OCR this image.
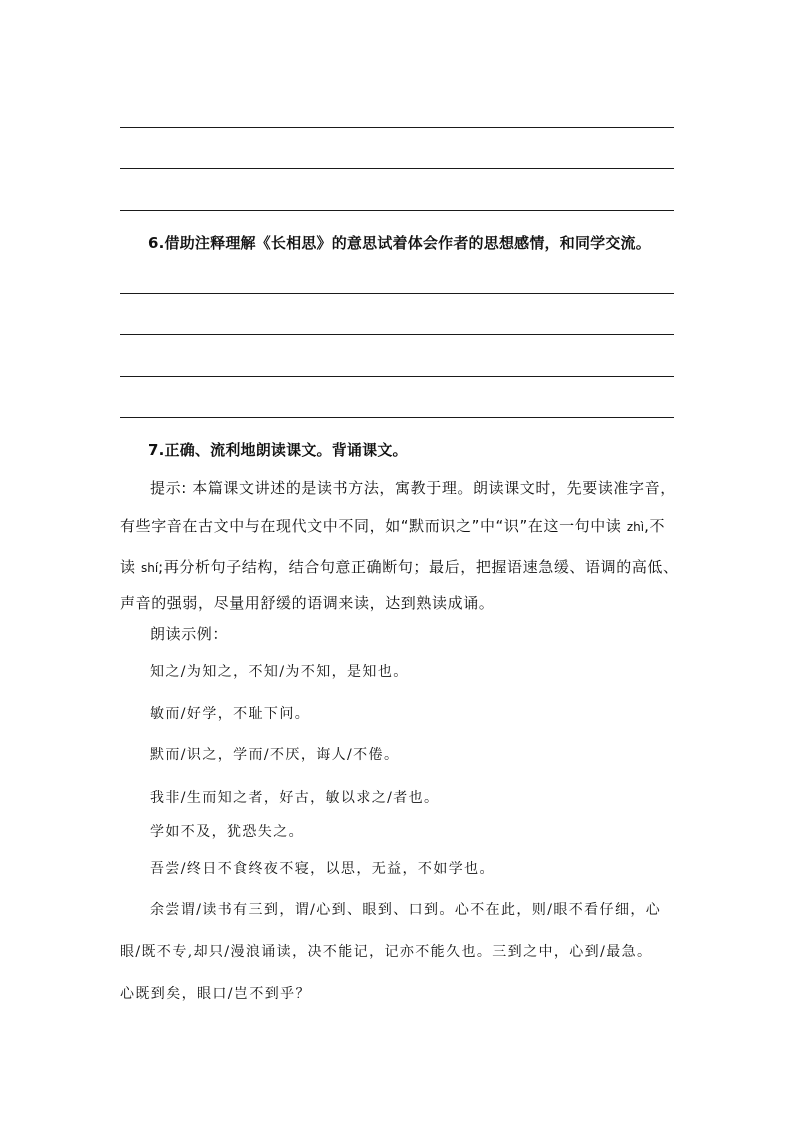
6.借助注释理解《长相思》的意思试着体会作者的思想感情，和同学交流。
7.正确、流利地朗读课文。背诵课文。
提示: 本篇课文讲述的是读书方法，寓教于理。朗读课文时，先要读准字音，
有些字音在古文中与在现代文中不同，如“默而识之”中“识”在这一句中读 zhì,不
读 shí;再分析句子结构，结合句意正确断句；最后，把握语速急缓、语调的高低、
声音的强弱，尽量用舒缓的语调来读，达到熟读成诵。
朗读示例：
知之/为知之，不知/为不知，是知也。
敏而/好学，不耻下问。
默而/识之，学而/不厌，诲人/不倦。
我非/生而知之者，好古，敏以求之/者也。
学如不及，犹恐失之。
吾尝/终日不食终夜不寝，以思，无益，不如学也。
余尝谓/读书有三到，谓/心到、眼到、口到。心不在此，则/眼不看仔细，心
眼/既不专,却只/漫浪诵读，决不能记，记亦不能久也。三到之中，心到/最急。
心既到矣，眼口/岂不到乎？
